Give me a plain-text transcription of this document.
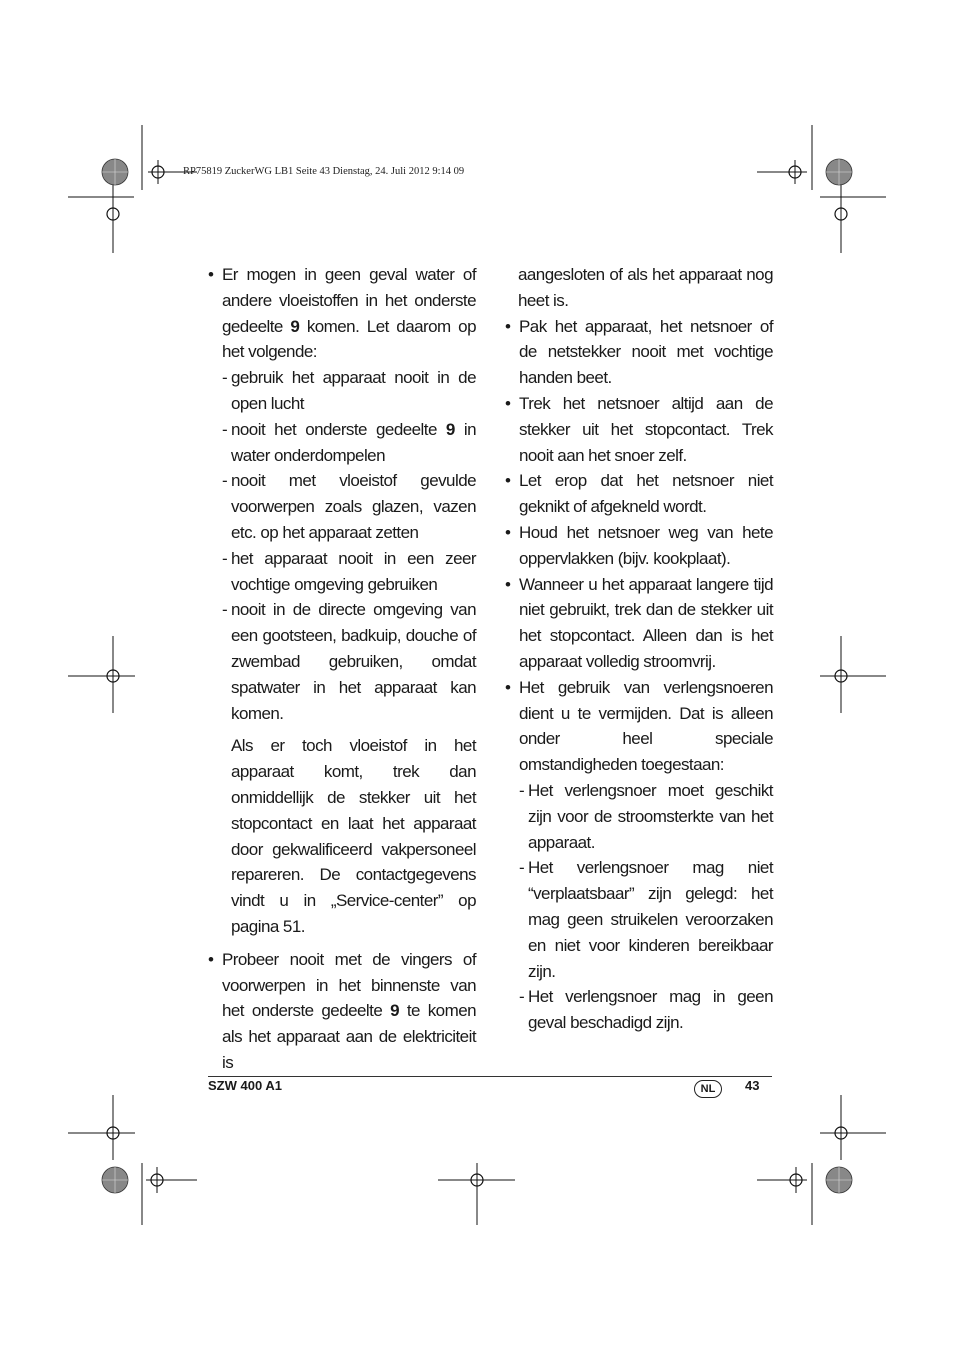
RP75819 ZuckerWG LB1 Seite 43 Dienstag, 24. Juli 2012 9:14 09
• Er mogen in geen geval water of andere vloeistoffen in het onderste gedeelte 9 komen. Let daarom op het volgende:
- gebruik het apparaat nooit in de open lucht
- nooit het onderste gedeelte 9 in water onderdompelen
- nooit met vloeistof gevulde voorwerpen zoals glazen, vazen etc. op het apparaat zetten
- het apparaat nooit in een zeer vochtige omgeving gebruiken
- nooit in de directe omgeving van een gootsteen, badkuip, douche of zwembad gebruiken, omdat spatwater in het apparaat kan komen.
Als er toch vloeistof in het apparaat komt, trek dan onmiddellijk de stekker uit het stopcontact en laat het apparaat door gekwalificeerd vakpersoneel repareren. De contactgegevens vindt u in „Service-center” op pagina 51.
• Probeer nooit met de vingers of voorwerpen in het binnenste van het onderste gedeelte 9 te komen als het apparaat aan de elektriciteit is
aangesloten of als het apparaat nog heet is.
• Pak het apparaat, het netsnoer of de netstekker nooit met vochtige handen beet.
• Trek het netsnoer altijd aan de stekker uit het stopcontact. Trek nooit aan het snoer zelf.
• Let erop dat het netsnoer niet geknikt of afgekneld wordt.
• Houd het netsnoer weg van hete oppervlakken (bijv. kookplaat).
• Wanneer u het apparaat langere tijd niet gebruikt, trek dan de stekker uit het stopcontact. Alleen dan is het apparaat volledig stroomvrij.
• Het gebruik van verlengsnoeren dient u te vermijden. Dat is alleen onder heel speciale omstandigheden toegestaan:
- Het verlengsnoer moet geschikt zijn voor de stroomsterkte van het apparaat.
- Het verlengsnoer mag niet “verplaatsbaar” zijn gelegd: het mag geen struikelen veroorzaken en niet voor kinderen bereikbaar zijn.
- Het verlengsnoer mag in geen geval beschadigd zijn.
SZW 400 A1	NL	43
